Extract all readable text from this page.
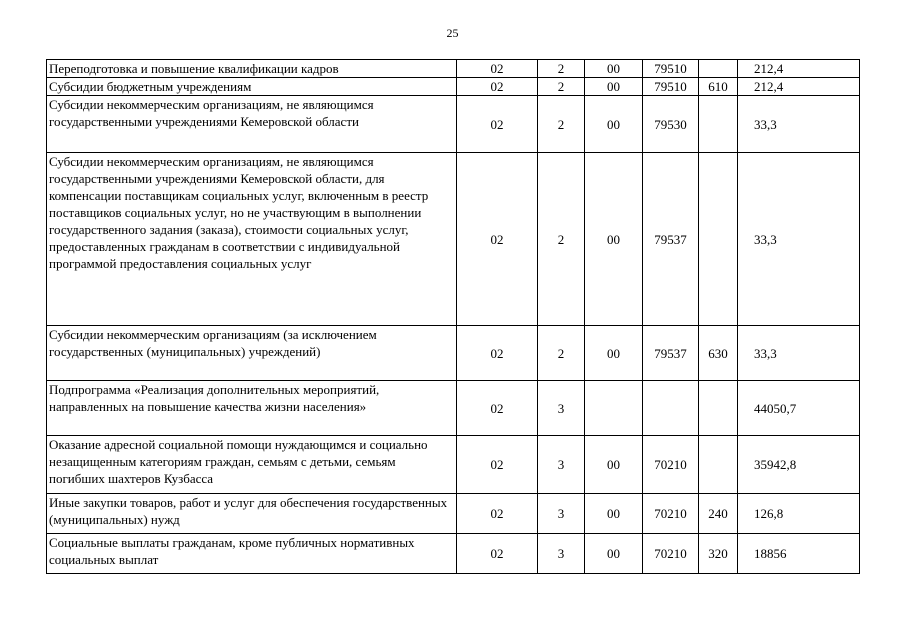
25
Переподготовка и повышение квалификации кадров	02	2	00	79510		212,4
Субсидии бюджетным учреждениям	02	2	00	79510	610	212,4
Субсидии некоммерческим организациям, не являющимся государственными учреждениями Кемеровской области	02	2	00	79530		33,3
Субсидии некоммерческим организациям, не являющимся государственными учреждениями Кемеровской области, для компенсации поставщикам социальных услуг, включенным в реестр поставщиков социальных услуг, но не участвующим в выполнении государственного задания (заказа), стоимости социальных услуг, предоставленных гражданам в соответствии с индивидуальной программой предоставления социальных услуг	02	2	00	79537		33,3
Субсидии некоммерческим организациям (за исключением государственных (муниципальных) учреждений)	02	2	00	79537	630	33,3
Подпрограмма «Реализация дополнительных мероприятий, направленных на повышение качества жизни населения»	02	3				44050,7
Оказание адресной социальной помощи нуждающимся и социально незащищенным категориям граждан, семьям с детьми, семьям погибших шахтеров Кузбасса	02	3	00	70210		35942,8
Иные закупки товаров, работ и услуг для обеспечения государственных (муниципальных) нужд	02	3	00	70210	240	126,8
Социальные выплаты гражданам, кроме публичных нормативных социальных выплат	02	3	00	70210	320	18856
